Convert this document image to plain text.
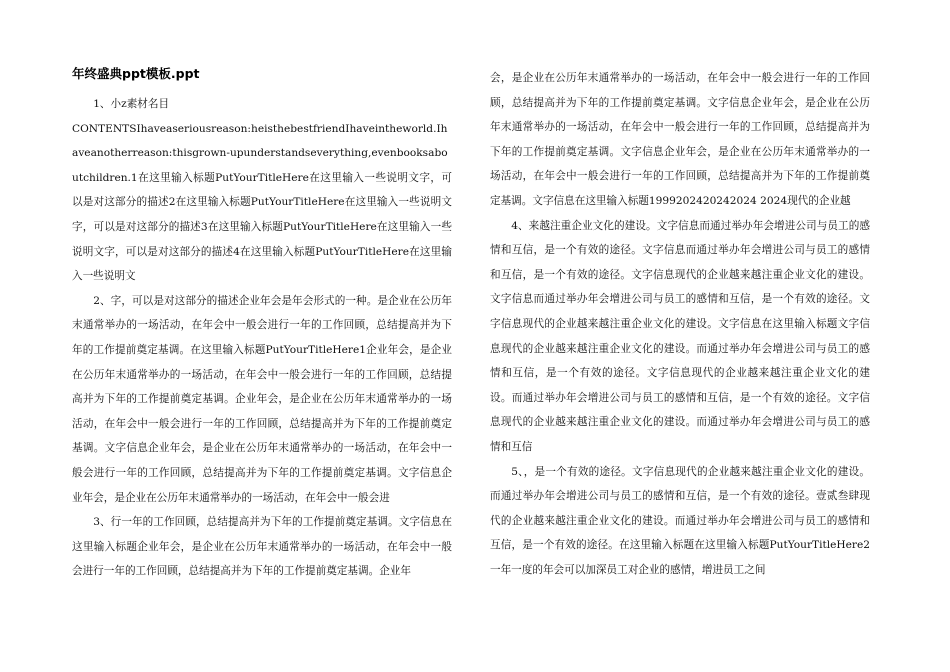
年终盛典ppt模板.ppt

1、小z素材名目

CONTENTSIhaveaseriousreason:heisthebestfriendIhaveintheworld.Ihaveanotherreason:thisgrown-upunderstandseverything,evenbooksaboutchildren.1在这里输入标题PutYourTitleHere在这里输入一些说明文字，可以是对这部分的描述2在这里输入标题PutYourTitleHere在这里输入一些说明文字，可以是对这部分的描述3在这里输入标题PutYourTitleHere在这里输入一些说明文字，可以是对这部分的描述4在这里输入标题PutYourTitleHere在这里输入一些说明文

2、字，可以是对这部分的描述企业年会是年会形式的一种。是企业在公历年末通常举办的一场活动，在年会中一般会进行一年的工作回顾，总结提高并为下年的工作提前奠定基调。在这里输入标题PutYourTitleHere1企业年会，是企业在公历年末通常举办的一场活动，在年会中一般会进行一年的工作回顾，总结提高并为下年的工作提前奠定基调。企业年会，是企业在公历年末通常举办的一场活动，在年会中一般会进行一年的工作回顾，总结提高并为下年的工作提前奠定基调。文字信息企业年会，是企业在公历年末通常举办的一场活动，在年会中一般会进行一年的工作回顾，总结提高并为下年的工作提前奠定基调。文字信息企业年会，是企业在公历年末通常举办的一场活动，在年会中一般会进

3、行一年的工作回顾，总结提高并为下年的工作提前奠定基调。文字信息在这里输入标题企业年会，是企业在公历年末通常举办的一场活动，在年会中一般会进行一年的工作回顾，总结提高并为下年的工作提前奠定基调。企业年

会，是企业在公历年末通常举办的一场活动，在年会中一般会进行一年的工作回顾，总结提高并为下年的工作提前奠定基调。文字信息企业年会，是企业在公历年末通常举办的一场活动，在年会中一般会进行一年的工作回顾，总结提高并为下年的工作提前奠定基调。文字信息企业年会，是企业在公历年末通常举办的一场活动，在年会中一般会进行一年的工作回顾，总结提高并为下年的工作提前奠定基调。文字信息在这里输入标题1999202420242024 2024现代的企业越

4、来越注重企业文化的建设。文字信息而通过举办年会增进公司与员工的感情和互信，是一个有效的途径。文字信息而通过举办年会增进公司与员工的感情和互信，是一个有效的途径。文字信息现代的企业越来越注重企业文化的建设。文字信息而通过举办年会增进公司与员工的感情和互信，是一个有效的途径。文字信息现代的企业越来越注重企业文化的建设。文字信息在这里输入标题文字信息现代的企业越来越注重企业文化的建设。而通过举办年会增进公司与员工的感情和互信，是一个有效的途径。文字信息现代的企业越来越注重企业文化的建设。而通过举办年会增进公司与员工的感情和互信，是一个有效的途径。文字信息现代的企业越来越注重企业文化的建设。而通过举办年会增进公司与员工的感情和互信

5、，是一个有效的途径。文字信息现代的企业越来越注重企业文化的建设。而通过举办年会增进公司与员工的感情和互信，是一个有效的途径。壹贰叁肆现代的企业越来越注重企业文化的建设。而通过举办年会增进公司与员工的感情和互信，是一个有效的途径。在这里输入标题在这里输入标题PutYourTitleHere2一年一度的年会可以加深员工对企业的感情，增进员工之间
